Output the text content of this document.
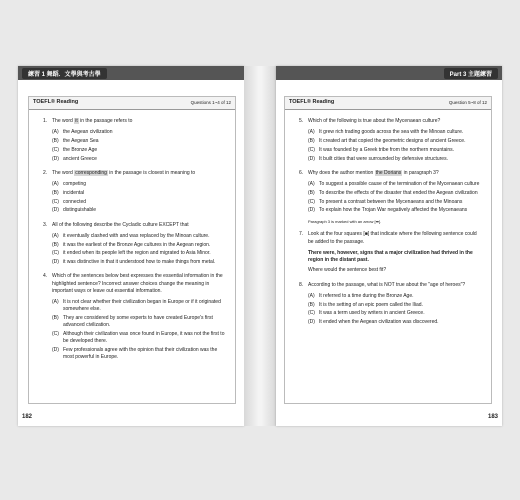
練習 1 舞蹈．文學與考古學
TOEFL® Reading	Questions 1~4 of 12
1. The word it in the passage refers to
(A) the Aegean civilization
(B) the Aegean Sea
(C) the Bronze Age
(D) ancient Greece
2. The word corresponding in the passage is closest in meaning to
(A) competing
(B) incidental
(C) connected
(D) distinguishable
3. All of the following describe the Cycladic culture EXCEPT that
(A) it eventually clashed with and was replaced by the Minoan culture.
(B) it was the earliest of the Bronze Age cultures in the Aegean region.
(C) it ended when its people left the region and migrated to Asia Minor.
(D) it was distinctive in that it understood how to make things from metal.
4. Which of the sentences below best expresses the essential information in the highlighted sentence? Incorrect answer choices change the meaning in important ways or leave out essential information.
(A) It is not clear whether their civilization began in Europe or if it originated somewhere else.
(B) They are considered by some experts to have created Europe's first advanced civilization.
(C) Although their civilization was once found in Europe, it was not the first to be developed there.
(D) Few professionals agree with the opinion that their civilization was the most powerful in Europe.
182
Part 3 主題練習
TOEFL® Reading	Question 5~8 of 12
5. Which of the following is true about the Mycenaean culture?
(A) It grew rich trading goods across the sea with the Minoan culture.
(B) It created art that copied the geometric designs of ancient Greece.
(C) It was founded by a Greek tribe from the northern mountains.
(D) It built cities that were surrounded by defensive structures.
6. Why does the author mention the Dorians in paragraph 3?
(A) To suggest a possible cause of the termination of the Mycenaean culture
(B) To describe the effects of the disaster that ended the Aegean civilization
(C) To present a contrast between the Mycenaeans and the Minoans
(D) To explain how the Trojan War negatively affected the Mycenaeans
Paragraph 3 is marked with an arrow [➡].
7. Look at the four squares [■] that indicate where the following sentence could be added to the passage.
There were, however, signs that a major civilization had thrived in the region in the distant past.
Where would the sentence best fit?
8. According to the passage, what is NOT true about the "age of heroes"?
(A) It referred to a time during the Bronze Age.
(B) It is the setting of an epic poem called the Iliad.
(C) It was a term used by writers in ancient Greece.
(D) It ended when the Aegean civilization was discovered.
183
